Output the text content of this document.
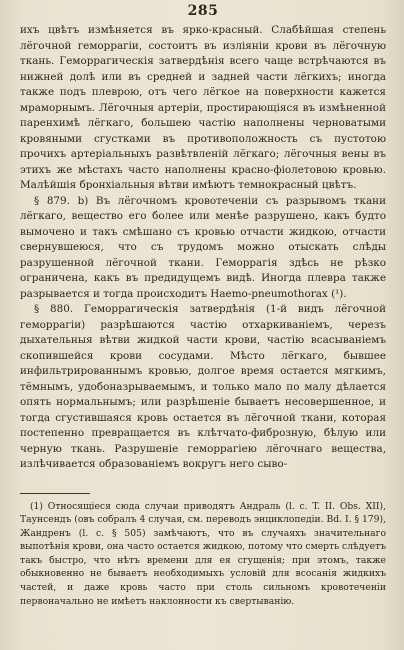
285

ихъ цвѣтъ измѣняется въ ярко-красный. Слабѣйшая степень лёгочной геморрагіи, состоитъ въ изліяніи крови въ лёгочную ткань. Геморрагическія затвердѣнія всего чаще встрѣчаются въ нижней долѣ или въ средней и задней части лёгкихъ; иногда также подъ плеврою, отъ чего лёгкое на поверхности кажется мраморнымъ. Лёгочныя артеріи, простирающіяся въ измѣненной паренхимѣ лёгкаго, большею частію наполнены черноватыми кровяными сгустками въ противоположность съ пустотою прочихъ артеріальныхъ развѣтвленій лёгкаго; лёгочныя вены въ этихъ же мѣстахъ часто наполнены красно-фіолетовою кровью. Малѣйшія бронхіальныя вѣтви имѣютъ темнокрасный цвѣтъ.

§ 879. b) Въ лёгочномъ кровотеченіи съ разрывомъ ткани лёгкаго, вещество его более или менѣе разрушено, какъ будто вымочено и такъ смѣшано съ кровью отчасти жидкою, отчасти свернувшеюся, что съ трудомъ можно отыскать слѣды разрушенной лёгочной ткани. Геморрагія здѣсь не рѣзко ограничена, какъ въ предидущемъ видѣ. Иногда плевра также разрывается и тогда происходитъ Haemo-pneumothorax (¹).

§ 880. Геморрагическія затвердѣнія (1-й видъ лёгочной геморрагіи) разрѣшаются частію отхаркиваніемъ, черезъ дыхательныя вѣтви жидкой части крови, частію всасываніемъ скопившейся крови сосудами. Мѣсто лёгкаго, бывшее инфильтрированнымъ кровью, долгое время остается мягкимъ, тёмнымъ, удобоназрываемымъ, и только мало по малу дѣлается опять нормальнымъ; или разрѣшеніе бываетъ несовершенное, и тогда сгустившаяся кровь остается въ лёгочной ткани, которая постепенно превращается въ клѣтчато-фиброзную, бѣлую или черную ткань. Разрушеніе геморрагіею лёгочнаго вещества, излѣчивается образованіемъ вокругъ него сыво-

(1) Относящіеся сюда случаи приводятъ Андраль (l. c. T. II. Obs. XII), Таунсендъ (овъ собралъ 4 случая, см. переводъ энциклопедіи. Bd. I. § 179), Жандренъ (l. c. § 505) замѣчаютъ, что въ случаяхъ значительнаго выпотѣнія крови, она часто остается жидкою, потому что смерть слѣдуетъ такъ быстро, что нѣтъ времени для ея сгущенія; при этомъ, также обыкновенно не бываетъ необходимыхъ условій для всосанія жидкихъ частей, и даже кровь часто при столь сильномъ кровотеченіи первоначально не имѣетъ наклонности къ свертыванію.
